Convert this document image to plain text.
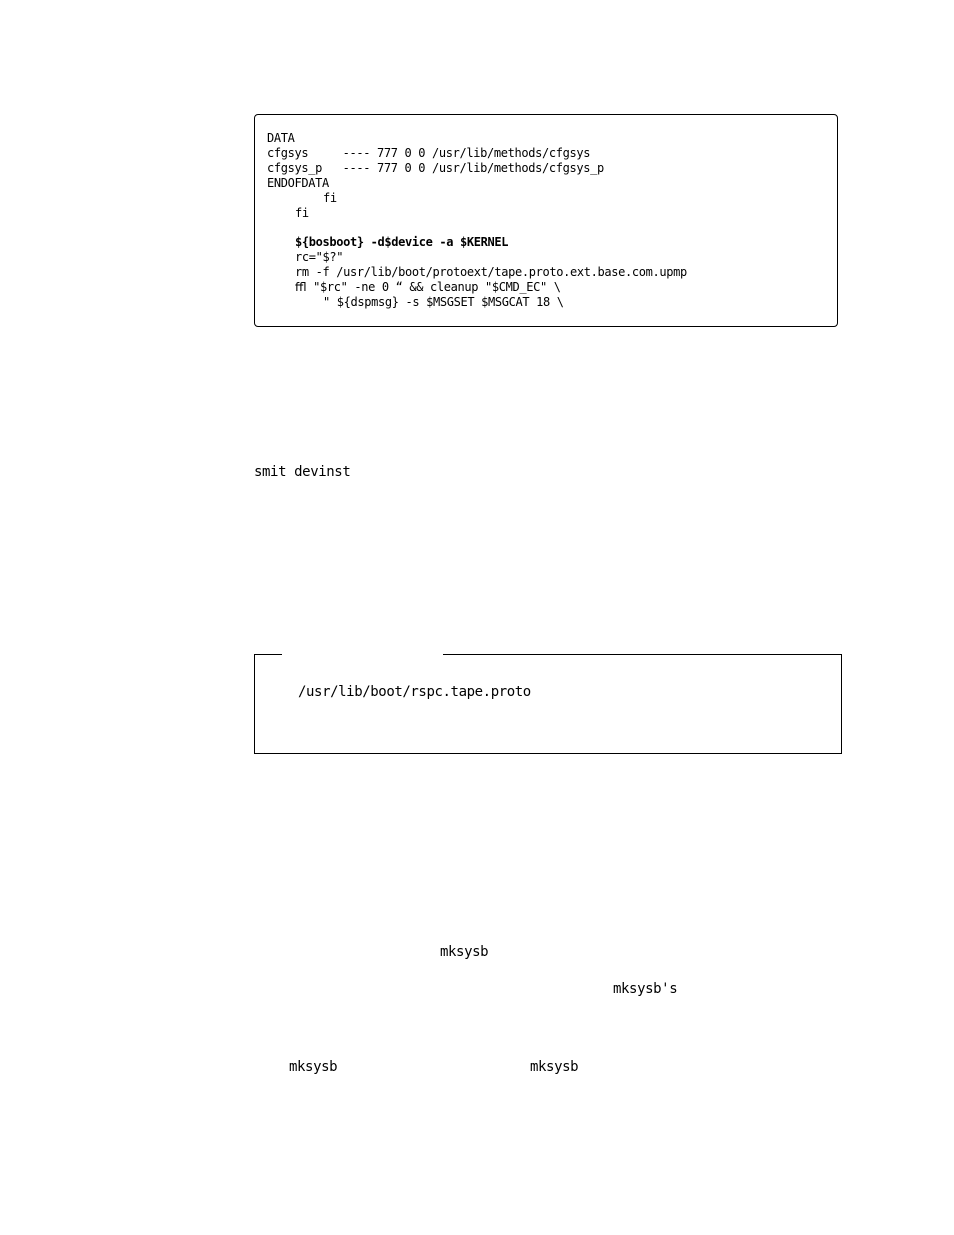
DATA
cfgsys     ---- 777 0 0 /usr/lib/methods/cfgsys
cfgsys_p   ---- 777 0 0 /usr/lib/methods/cfgsys_p
ENDOFDATA
fi
fi
${bosboot} -d$device -a $KERNEL
rc="$?"
rm -f /usr/lib/boot/protoext/tape.proto.ext.base.com.upmp
ﬄ "$rc" -ne 0 “ && cleanup "$CMD_EC" \
" ${dspmsg} -s $MSGSET $MSGCAT 18 \
smit devinst
/usr/lib/boot/rspc.tape.proto
mksysb
mksysb's
mksysb	mksysb
